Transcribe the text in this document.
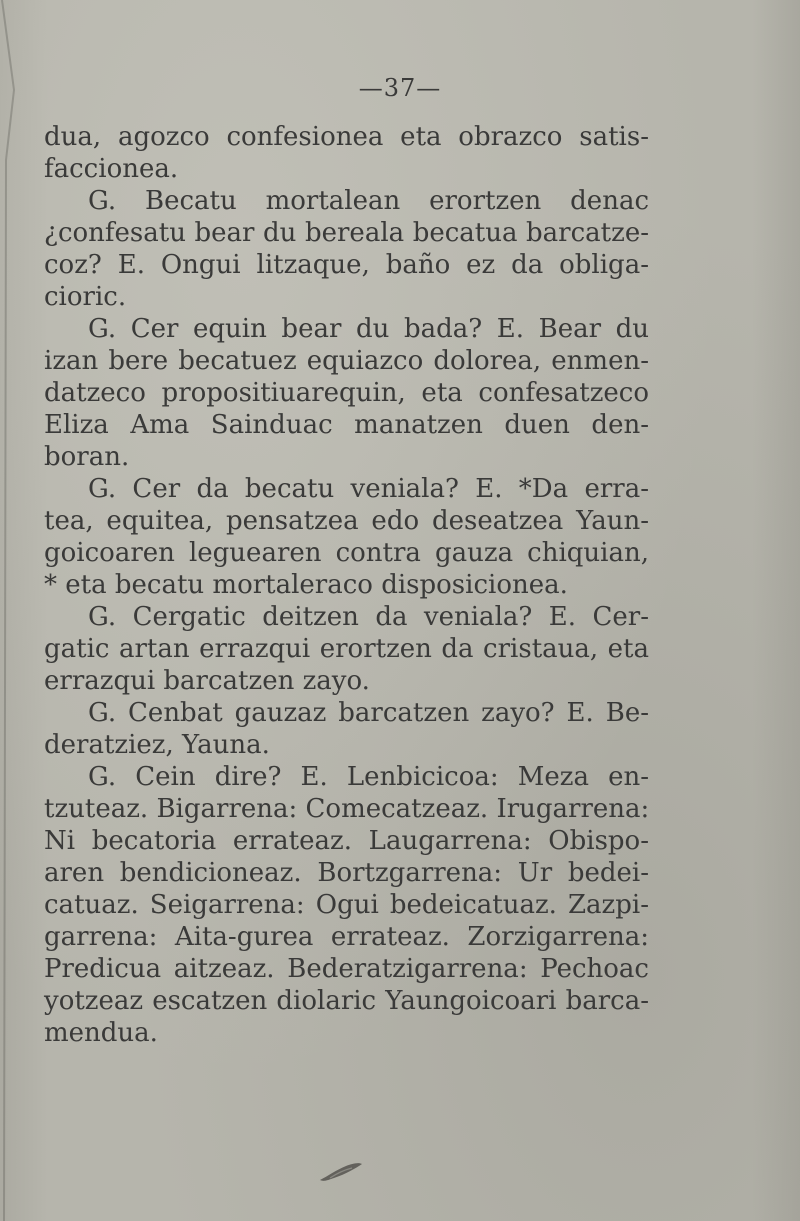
—37—
dua, agozco confesionea eta obrazco satis-
faccionea.
G. Becatu mortalean erortzen denac
¿confesatu bear du bereala becatua barcatze-
coz? E. Ongui litzaque, baño ez da obliga-
cioric.
G. Cer equin bear du bada? E. Bear du
izan bere becatuez equiazco dolorea, enmen-
datzeco propositiuarequin, eta confesatzeco
Eliza Ama Sainduac manatzen duen den-
boran.
G. Cer da becatu veniala? E. *Da erra-
tea, equitea, pensatzea edo deseatzea Yaun-
goicoaren leguearen contra gauza chiquian,
* eta becatu mortaleraco disposicionea.
G. Cergatic deitzen da veniala? E. Cer-
gatic artan errazqui erortzen da cristaua, eta
errazqui barcatzen zayo.
G. Cenbat gauzaz barcatzen zayo? E. Be-
deratziez, Yauna.
G. Cein dire? E. Lenbicicoa: Meza en-
tzuteaz. Bigarrena: Comecatzeaz. Irugarrena:
Ni becatoria errateaz. Laugarrena: Obispo-
aren bendicioneaz. Bortzgarrena: Ur bedei-
catuaz. Seigarrena: Ogui bedeicatuaz. Zazpi-
garrena: Aita-gurea errateaz. Zorzigarrena:
Predicua aitzeaz. Bederatzigarrena: Pechoac
yotzeaz escatzen diolaric Yaungoicoari barca-
mendua.
